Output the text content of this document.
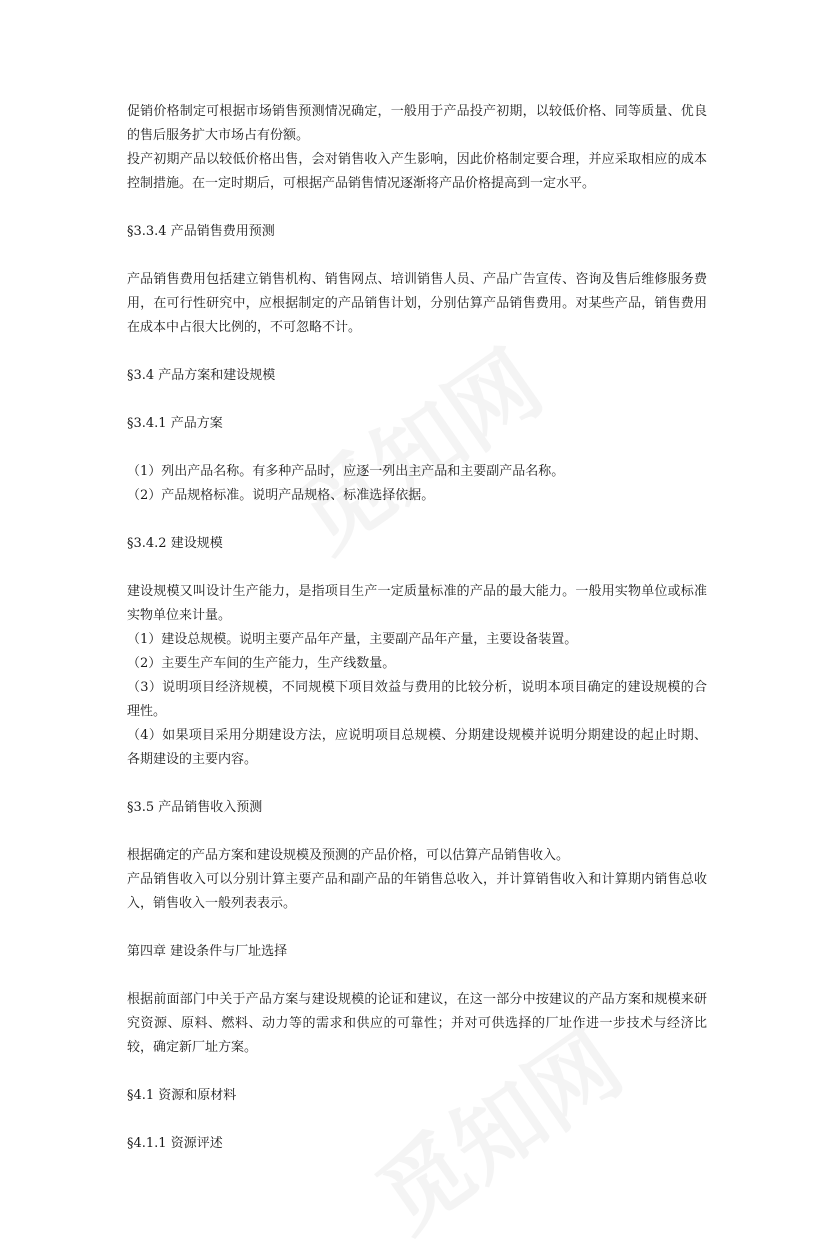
促销价格制定可根据市场销售预测情况确定，一般用于产品投产初期，以较低价格、同等质量、优良的售后服务扩大市场占有份额。

投产初期产品以较低价格出售，会对销售收入产生影响，因此价格制定要合理，并应采取相应的成本控制措施。在一定时期后，可根据产品销售情况逐渐将产品价格提高到一定水平。

§3.3.4 产品销售费用预测

产品销售费用包括建立销售机构、销售网点、培训销售人员、产品广告宣传、咨询及售后维修服务费用，在可行性研究中，应根据制定的产品销售计划，分别估算产品销售费用。对某些产品，销售费用在成本中占很大比例的，不可忽略不计。

§3.4 产品方案和建设规模

§3.4.1 产品方案

（1）列出产品名称。有多种产品时，应逐一列出主产品和主要副产品名称。

（2）产品规格标准。说明产品规格、标准选择依据。

§3.4.2 建设规模

建设规模又叫设计生产能力，是指项目生产一定质量标准的产品的最大能力。一般用实物单位或标准实物单位来计量。

（1）建设总规模。说明主要产品年产量，主要副产品年产量，主要设备装置。

（2）主要生产车间的生产能力，生产线数量。

（3）说明项目经济规模，不同规模下项目效益与费用的比较分析，说明本项目确定的建设规模的合理性。

（4）如果项目采用分期建设方法，应说明项目总规模、分期建设规模并说明分期建设的起止时期、各期建设的主要内容。

§3.5 产品销售收入预测

根据确定的产品方案和建设规模及预测的产品价格，可以估算产品销售收入。

产品销售收入可以分别计算主要产品和副产品的年销售总收入，并计算销售收入和计算期内销售总收入，销售收入一般列表表示。

第四章 建设条件与厂址选择

根据前面部门中关于产品方案与建设规模的论证和建议，在这一部分中按建议的产品方案和规模来研究资源、原料、燃料、动力等的需求和供应的可靠性；并对可供选择的厂址作进一步技术与经济比较，确定新厂址方案。

§4.1 资源和原材料

§4.1.1 资源评述
